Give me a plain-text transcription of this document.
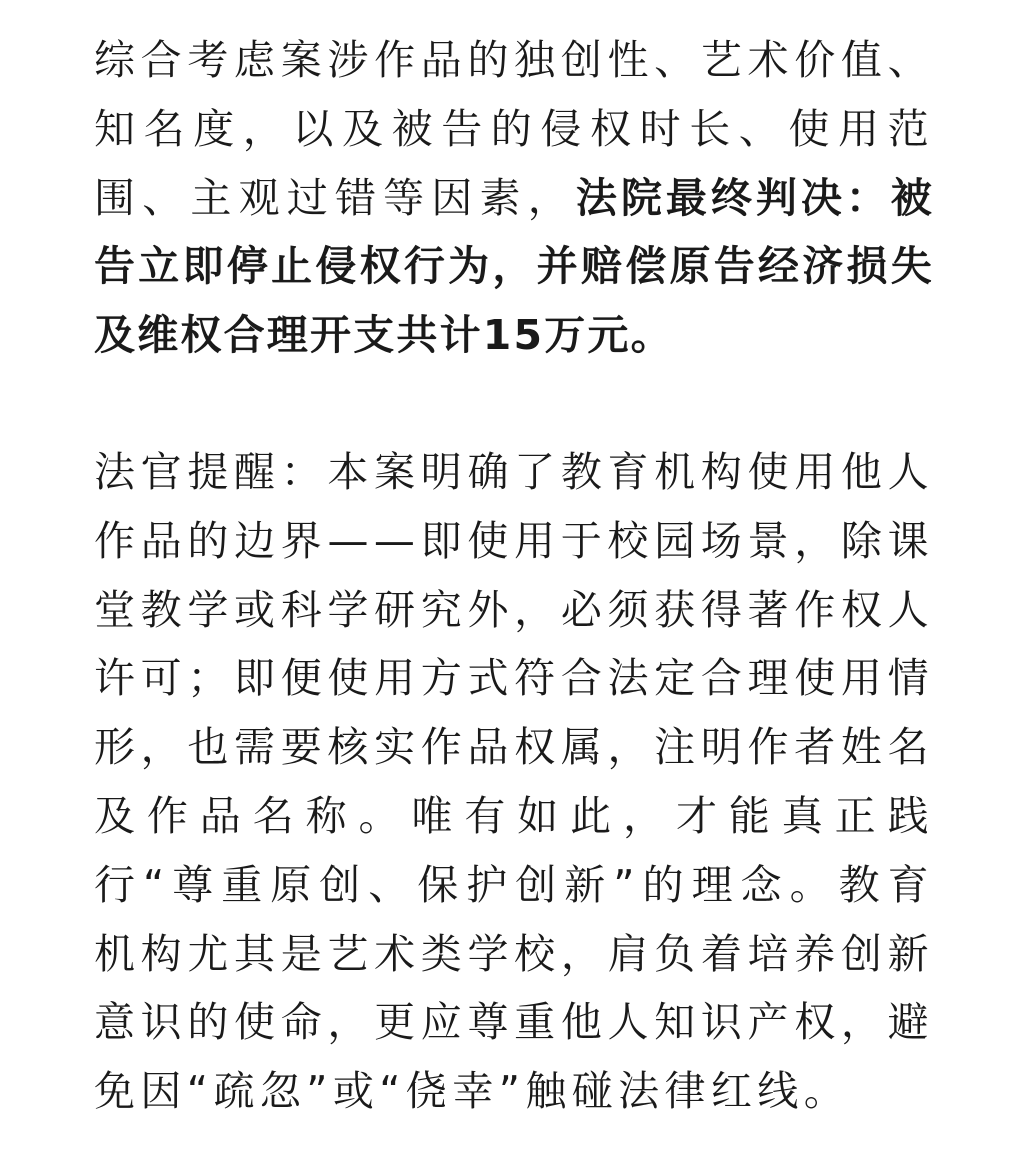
综合考虑案涉作品的独创性、艺术价值、知名度，以及被告的侵权时长、使用范围、主观过错等因素，法院最终判决：被告立即停止侵权行为，并赔偿原告经济损失及维权合理开支共计15万元。

法官提醒：本案明确了教育机构使用他人作品的边界——即使用于校园场景，除课堂教学或科学研究外，必须获得著作权人许可；即便使用方式符合法定合理使用情形，也需要核实作品权属，注明作者姓名及作品名称。唯有如此，才能真正践行“尊重原创、保护创新”的理念。教育机构尤其是艺术类学校，肩负着培养创新意识的使命，更应尊重他人知识产权，避免因“疏忽”或“侥幸”触碰法律红线。
